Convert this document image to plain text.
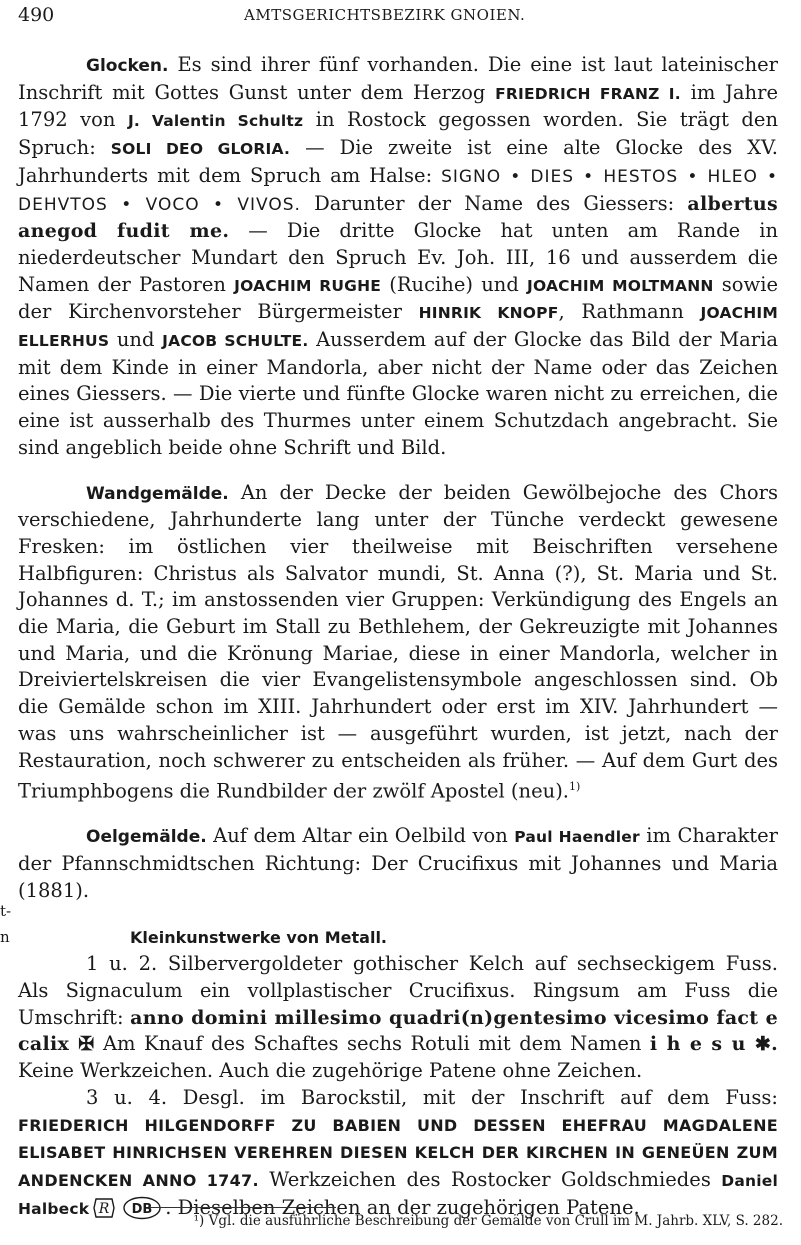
490	AMTSGERICHTSBEZIRK GNOIEN.
t-
n

Glocken. Es sind ihrer fünf vorhanden. Die eine ist laut lateinischer Inschrift mit Gottes Gunst unter dem Herzog FRIEDRICH FRANZ I. im Jahre 1792 von J. Valentin Schultz in Rostock gegossen worden. Sie trägt den Spruch: SOLI DEO GLORIA. — Die zweite ist eine alte Glocke des XV. Jahrhunderts mit dem Spruch am Halse: SIGNO • DIES • HESTOS • HLEO • DEHVTOS • VOCO • VIVOS. Darunter der Name des Giessers: albertus anegod fudit me. — Die dritte Glocke hat unten am Rande in niederdeutscher Mundart den Spruch Ev. Joh. III, 16 und ausserdem die Namen der Pastoren JOACHIM RUGHE (Rucihe) und JOACHIM MOLTMANN sowie der Kirchenvorsteher Bürgermeister HINRIK KNOPF, Rathmann JOACHIM ELLERHUS und JACOB SCHULTE. Ausserdem auf der Glocke das Bild der Maria mit dem Kinde in einer Mandorla, aber nicht der Name oder das Zeichen eines Giessers. — Die vierte und fünfte Glocke waren nicht zu erreichen, die eine ist ausserhalb des Thurmes unter einem Schutzdach angebracht. Sie sind angeblich beide ohne Schrift und Bild.

Wandgemälde. An der Decke der beiden Gewölbejoche des Chors verschiedene, Jahrhunderte lang unter der Tünche verdeckt gewesene Fresken: im östlichen vier theilweise mit Beischriften versehene Halbfiguren: Christus als Salvator mundi, St. Anna (?), St. Maria und St. Johannes d. T.; im anstossenden vier Gruppen: Verkündigung des Engels an die Maria, die Geburt im Stall zu Bethlehem, der Gekreuzigte mit Johannes und Maria, und die Krönung Mariae, diese in einer Mandorla, welcher in Dreiviertelskreisen die vier Evangelistensymbole angeschlossen sind. Ob die Gemälde schon im XIII. Jahrhundert oder erst im XIV. Jahrhundert — was uns wahrscheinlicher ist — ausgeführt wurden, ist jetzt, nach der Restauration, noch schwerer zu entscheiden als früher. — Auf dem Gurt des Triumphbogens die Rundbilder der zwölf Apostel (neu).$^{1)}$

Oelgemälde. Auf dem Altar ein Oelbild von Paul Haendler im Charakter der Pfannschmidtschen Richtung: Der Crucifixus mit Johannes und Maria (1881).

Kleinkunstwerke von Metall.

1 u. 2. Silbervergoldeter gothischer Kelch auf sechseckigem Fuss. Als Signaculum ein vollplastischer Crucifixus. Ringsum am Fuss die Umschrift: anno domini millesimo quadri(n)gentesimo vicesimo fact e calix ✠ Am Knauf des Schaftes sechs Rotuli mit dem Namen i h e s u ✱. Keine Werkzeichen. Auch die zugehörige Patene ohne Zeichen.

3 u. 4. Desgl. im Barockstil, mit der Inschrift auf dem Fuss: FRIEDERICH HILGENDORFF ZU BABIEN UND DESSEN EHEFRAU MAGDALENE ELISABET HINRICHSEN VEREHREN DIESEN KELCH DER KIRCHEN IN GENEÜEN ZUM ANDENCKEN ANNO 1747. Werkzeichen des Rostocker Goldschmiedes Daniel Halbeck R DB . Dieselben Zeichen an der zugehörigen Patene.

¹) Vgl. die ausführliche Beschreibung der Gemälde von Crull im M. Jahrb. XLV, S. 282.
